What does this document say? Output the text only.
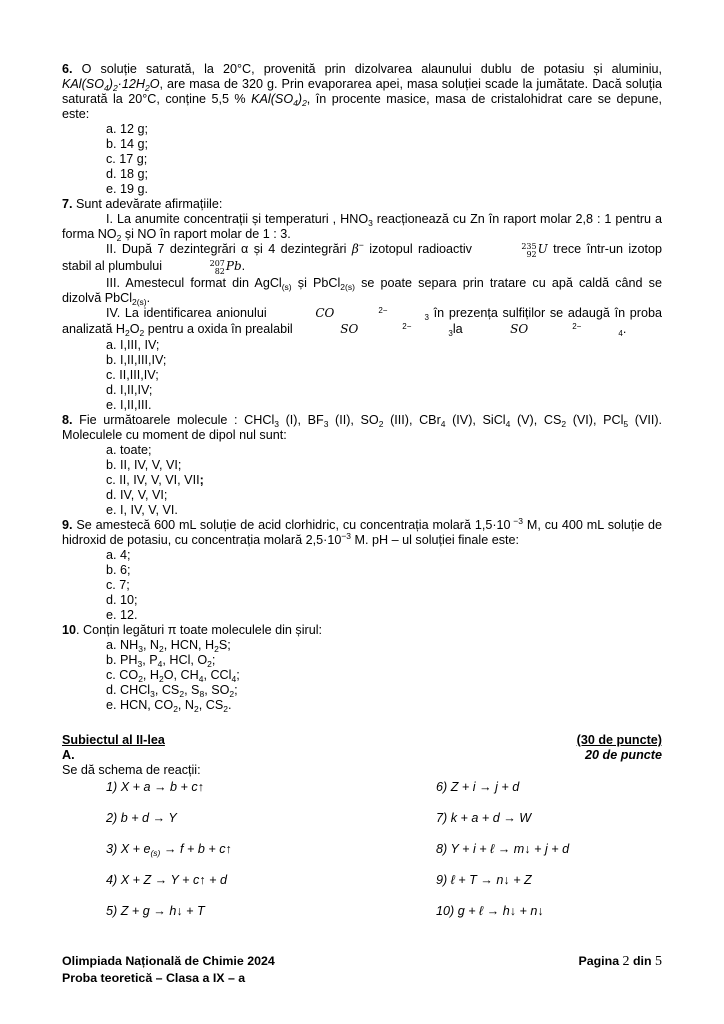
6. O soluție saturată, la 20°C, provenită prin dizolvarea alaunului dublu de potasiu și aluminiu, $KAl(SO_4)_2\cdot 12H_2O$, are masa de 320 g. Prin evaporarea apei, masa soluției scade la jumătate. Dacă soluția saturată la 20°C, conține 5,5 % $KAl(SO_4)_2$, în procente masice, masa de cristalohidrat care se depune, este:
a. 12 g;
b. 14 g;
c. 17 g;
d. 18 g;
e. 19 g.
7. Sunt adevărate afirmațiile:
I. La anumite concentrații și temperaturi , $HNO_3$ reacționează cu Zn în raport molar 2,8 : 1 pentru a forma $NO_2$ și NO în raport molar de 1 : 3.
II. După 7 dezintegrări α și 4 dezintegrări β− izotopul radioactiv	235
92 U trece într-un izotop stabil al plumbului	207
82 Pb.
III. Amestecul format din AgCl$_{(s)}$ și PbCl$_{2(s)}$ se poate separa prin tratare cu apă caldă când se dizolvă PbCl$_{2(s)}$.
IV. La identificarea anionului	CO	2−3 în prezența sulfiților se adaugă în proba analizată $H_2O_2$ pentru a oxida în prealabil	SO	2−3la	SO	2−4.
a. I,III, IV;
b. I,II,III,IV;
c. II,III,IV;
d. I,II,IV;
e. I,II,III.
8. Fie următoarele molecule : CHCl$_3$ (I), $BF_3$ (II), $SO_2$ (III), CBr$_4$ (IV), SiCl$_4$ (V), $CS_2$ (VI), PCl$_5$ (VII). Moleculele cu moment de dipol nul sunt:
a. toate;
b. II, IV, V, VI;
c. II, IV, V, VI, VII;
d. IV, V, VI;
e. I, IV, V, VI.
9. Se amestecă 600 mL soluție de acid clorhidric, cu concentrația molară 1,5·10 $^{-3}$ M, cu 400 mL soluție de hidroxid de potasiu, cu concentrația molară $2,5\cdot 10^{-3}$ M. pH – ul soluției finale este:
a. 4;
b. 6;
c. 7;
d. 10;
e. 12.
10. Conțin legături π toate moleculele din șirul:
a. $NH_3$, $N_2$, HCN, $H_2S$;
b. $PH_3$, $P_4$, HCl, $O_2$;
c. $CO_2$, $H_2O$, $CH_4$, CCl$_4$;
d. CHCl$_3$, $CS_2$, $S_8$, $SO_2$;
e. HCN, $CO_2$, $N_2$, $CS_2$.
Subiectul al II-lea	(30 de puncte)
A.	20 de puncte
Se dă schema de reacții:
1) X + a → b + c↑	6) Z + i → j + d
2) b + d → Y	7) k + a + d → W
3) $X + e_{(s)} \to f + b$ + c↑	8) Y + i + ℓ → m↓ + j + d
4) X + Z → Y + c↑ + d	9) ℓ + T → n↓ + Z
5) Z + g → h↓ + T	10) g + ℓ → h↓ + n↓
Olimpiada Națională de Chimie 2024	Pagina 2 din 5
Proba teoretică – Clasa a IX – a
